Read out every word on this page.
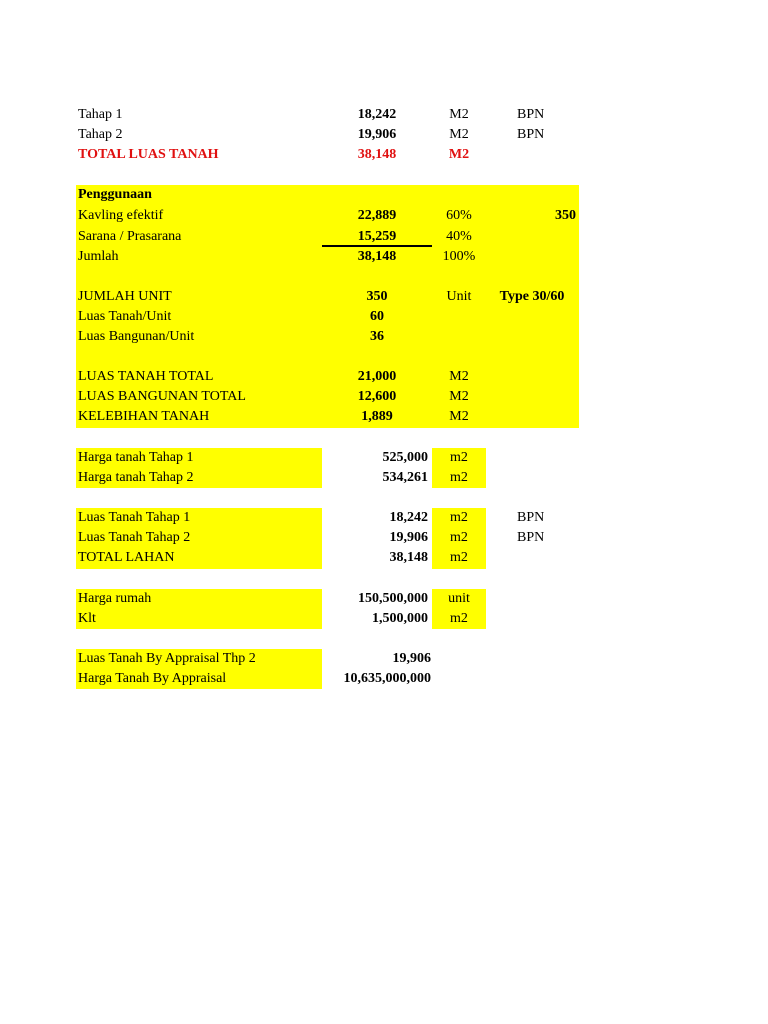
Tahap 1	18,242	M2	BPN
Tahap 2	19,906	M2	BPN
TOTAL LUAS TANAH	38,148	M2
Penggunaan
Kavling efektif	22,889	60%	350
Sarana / Prasarana	15,259	40%
Jumlah	38,148	100%
JUMLAH UNIT	350	Unit	Type 30/60
Luas Tanah/Unit	60
Luas Bangunan/Unit	36
LUAS TANAH TOTAL	21,000	M2
LUAS BANGUNAN TOTAL	12,600	M2
KELEBIHAN TANAH	1,889	M2
Harga tanah Tahap 1	525,000	m2
Harga tanah Tahap 2	534,261	m2
Luas Tanah Tahap 1	18,242	m2	BPN
Luas Tanah Tahap 2	19,906	m2	BPN
TOTAL LAHAN	38,148	m2
Harga rumah	150,500,000	unit
Klt	1,500,000	m2
Luas Tanah By Appraisal Thp 2	19,906
Harga Tanah By Appraisal	10,635,000,000
